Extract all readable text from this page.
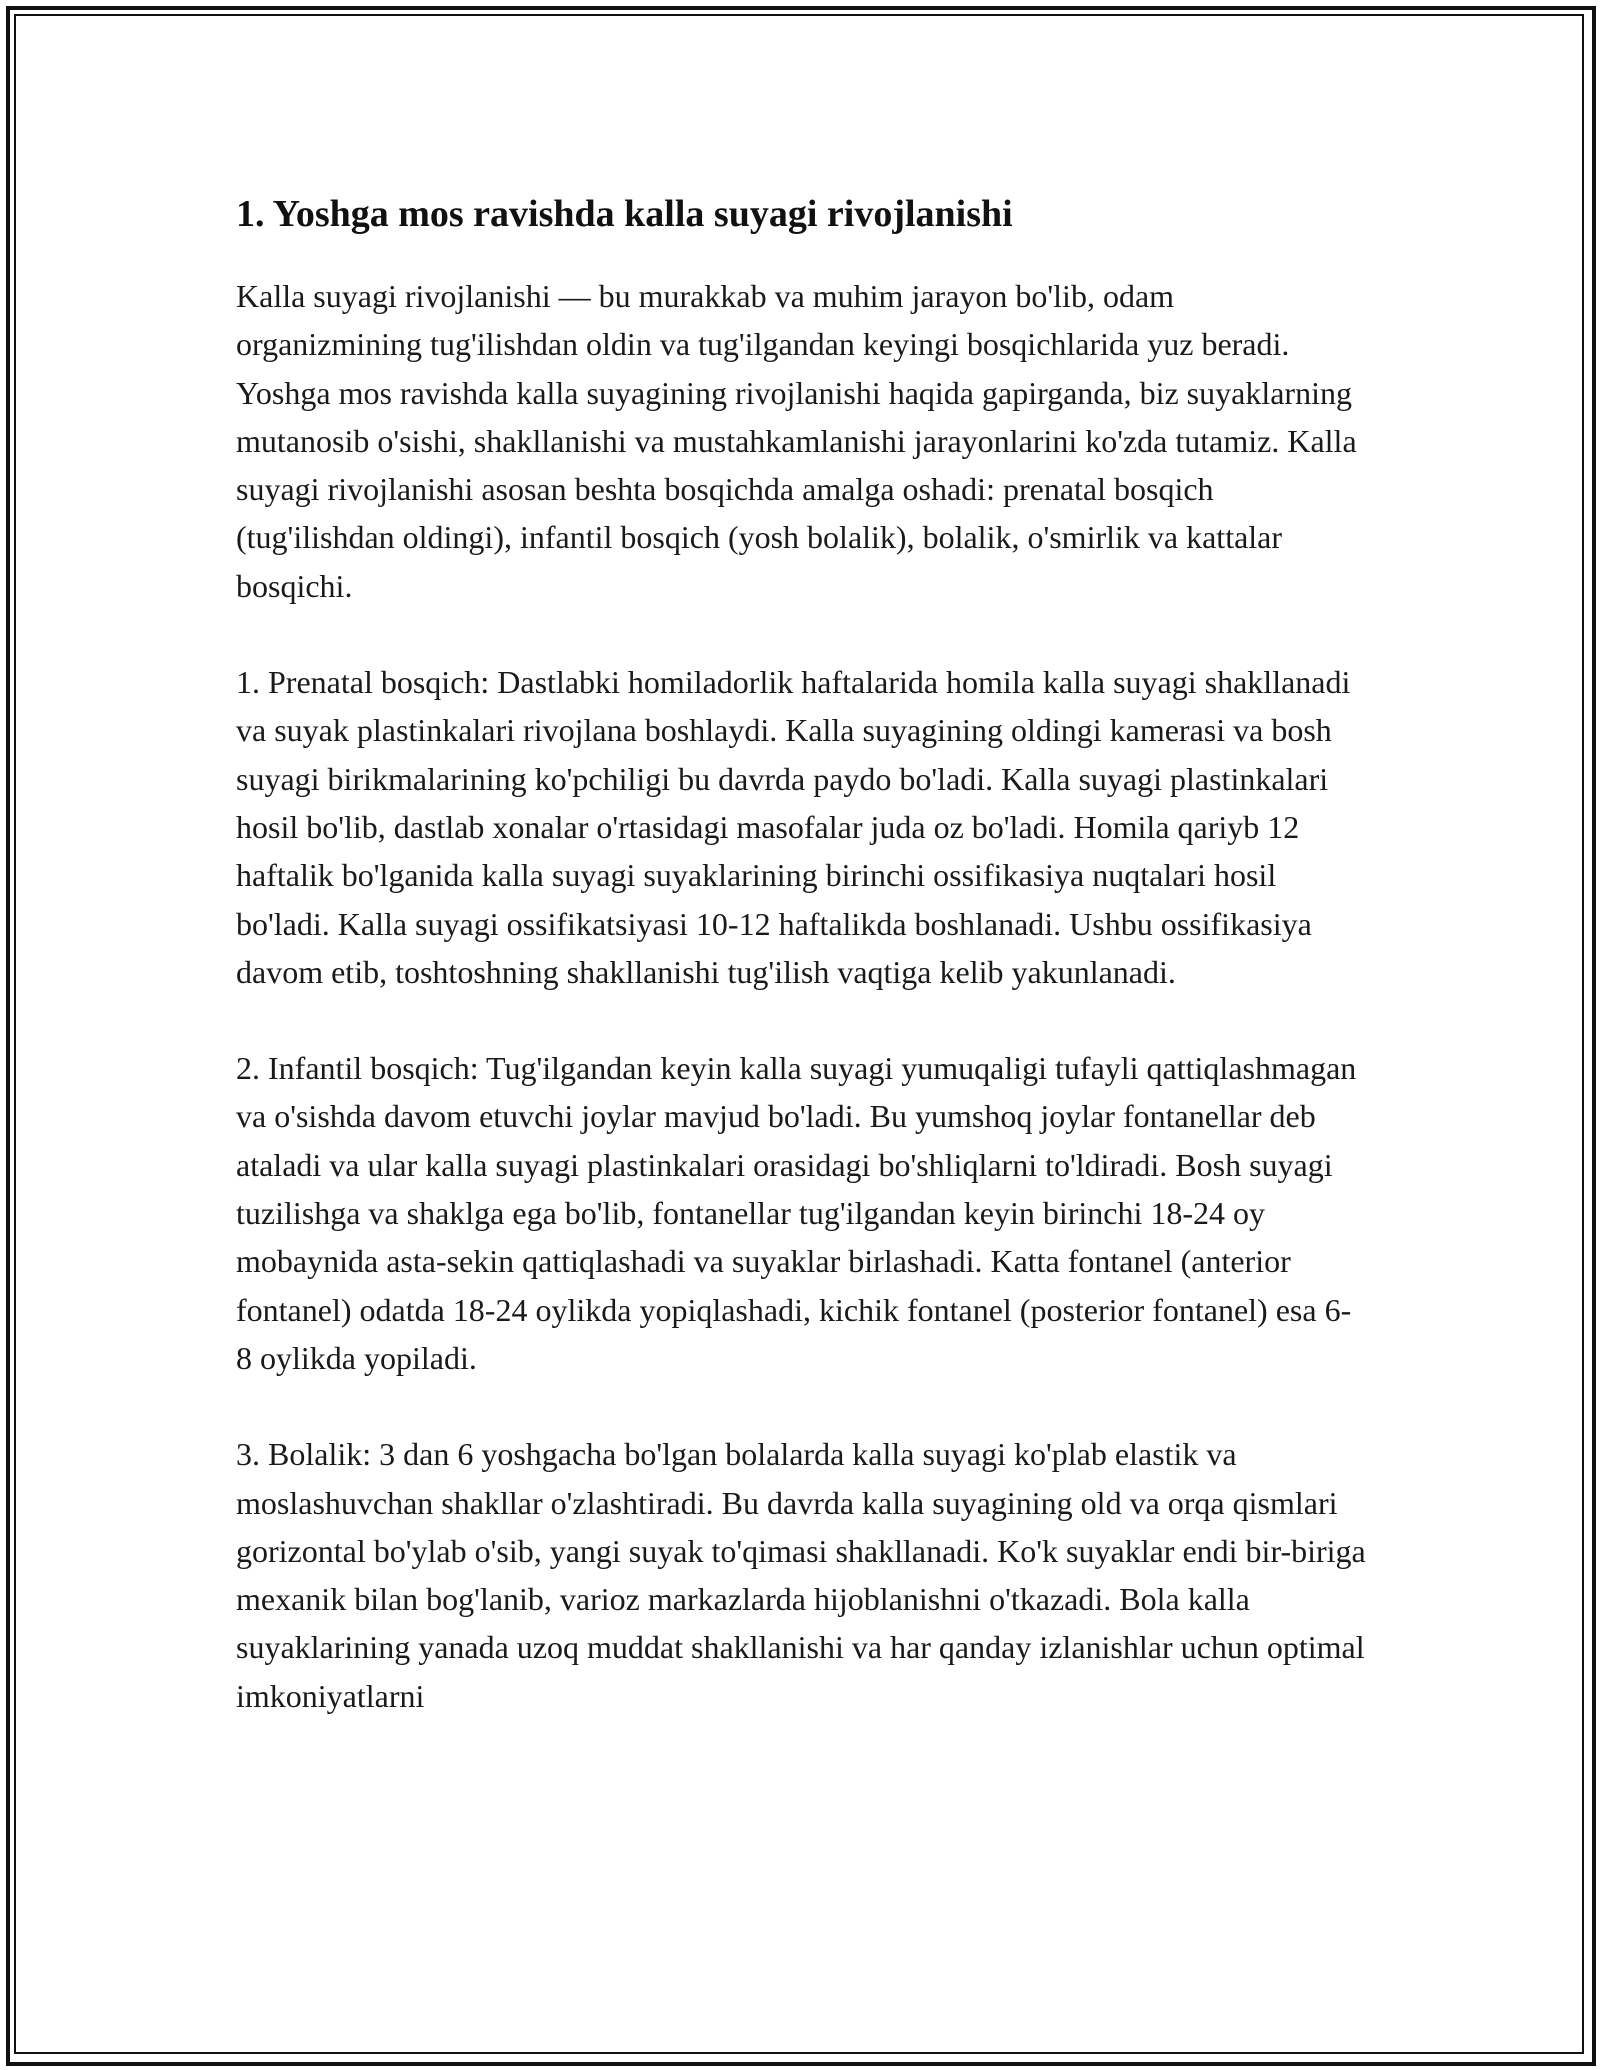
1. Yoshga mos ravishda kalla suyagi rivojlanishi

Kalla suyagi rivojlanishi — bu murakkab va muhim jarayon bo'lib, odam organizmining tug'ilishdan oldin va tug'ilgandan keyingi bosqichlarida yuz beradi. Yoshga mos ravishda kalla suyagining rivojlanishi haqida gapirganda, biz suyaklarning mutanosib o'sishi, shakllanishi va mustahkamlanishi jarayonlarini ko'zda tutamiz. Kalla suyagi rivojlanishi asosan beshta bosqichda amalga oshadi: prenatal bosqich (tug'ilishdan oldingi), infantil bosqich (yosh bolalik), bolalik, o'smirlik va kattalar bosqichi.

1. Prenatal bosqich: Dastlabki homiladorlik haftalarida homila kalla suyagi shakllanadi va suyak plastinkalari rivojlana boshlaydi. Kalla suyagining oldingi kamerasi va bosh suyagi birikmalarining ko'pchiligi bu davrda paydo bo'ladi. Kalla suyagi plastinkalari hosil bo'lib, dastlab xonalar o'rtasidagi masofalar juda oz bo'ladi. Homila qariyb 12 haftalik bo'lganida kalla suyagi suyaklarining birinchi ossifikasiya nuqtalari hosil bo'ladi. Kalla suyagi ossifikatsiyasi 10-12 haftalikda boshlanadi. Ushbu ossifikasiya davom etib, toshtoshning shakllanishi tug'ilish vaqtiga kelib yakunlanadi.

2. Infantil bosqich: Tug'ilgandan keyin kalla suyagi yumuqaligi tufayli qattiqlashmagan va o'sishda davom etuvchi joylar mavjud bo'ladi. Bu yumshoq joylar fontanellar deb ataladi va ular kalla suyagi plastinkalari orasidagi bo'shliqlarni to'ldiradi. Bosh suyagi tuzilishga va shaklga ega bo'lib, fontanellar tug'ilgandan keyin birinchi 18-24 oy mobaynida asta-sekin qattiqlashadi va suyaklar birlashadi. Katta fontanel (anterior fontanel) odatda 18-24 oylikda yopiqlashadi, kichik fontanel (posterior fontanel) esa 6-8 oylikda yopiladi.

3. Bolalik: 3 dan 6 yoshgacha bo'lgan bolalarda kalla suyagi ko'plab elastik va moslashuvchan shakllar o'zlashtiradi. Bu davrda kalla suyagining old va orqa qismlari gorizontal bo'ylab o'sib, yangi suyak to'qimasi shakllanadi. Ko'k suyaklar endi bir-biriga mexanik bilan bog'lanib, varioz markazlarda hijoblanishni o'tkazadi. Bola kalla suyaklarining yanada uzoq muddat shakllanishi va har qanday izlanishlar uchun optimal imkoniyatlarni
